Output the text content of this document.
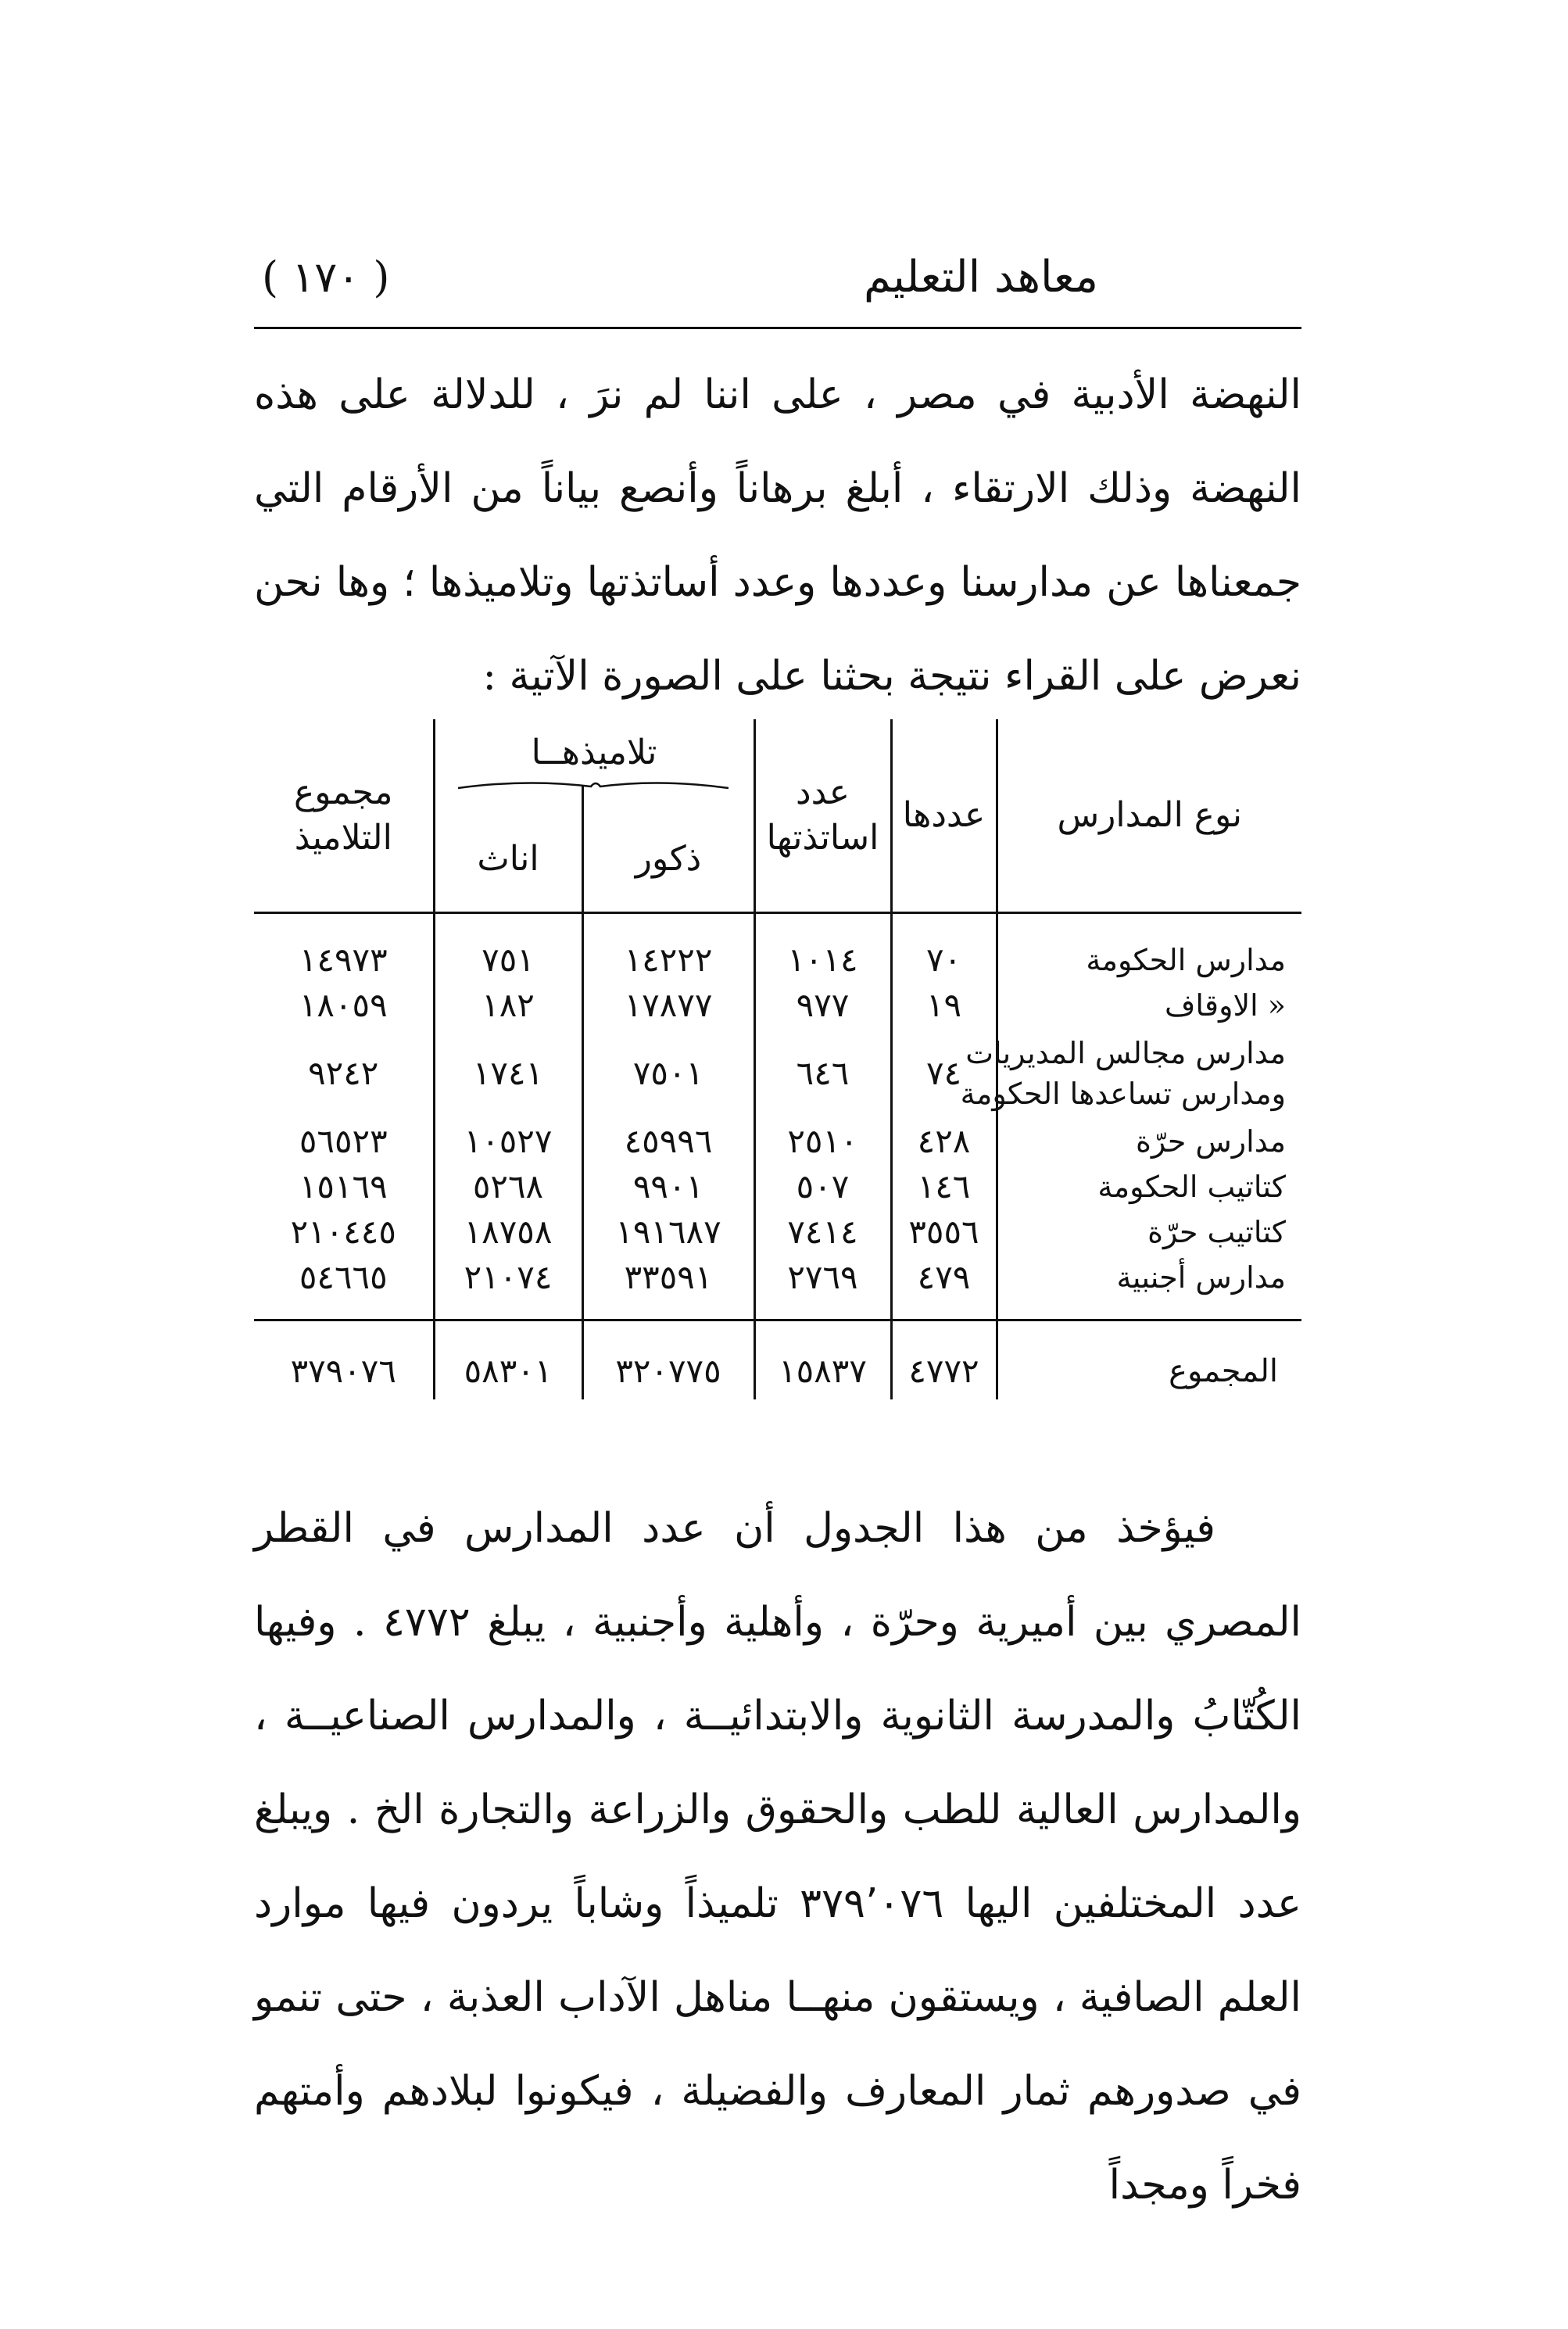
معاهد التعليم
( ١٧٠ )

النهضة الأدبية في مصر ، على اننا لم نرَ ، للدلالة على هذه النهضة وذلك الارتقاء ، أبلغ برهاناً وأنصع بياناً من الأرقام التي جمعناها عن مدارسنا وعددها وعدد أساتذتها وتلاميذها ؛ وها نحن نعرض على القراء نتيجة بحثنا على الصورة الآتية :

نوع المدارس	عددها	عدد
اساتذتها	تلاميذهــا		مجموع
التلاميذ
			ذكور	اناث	

مدارس الحكومة	٧٠	١٠١٤	١٤٢٢٢	٧٥١	١٤٩٧٣

« الاوقاف	١٩	٩٧٧	١٧٨٧٧	١٨٢	١٨٠٥٩

مدارس مجالس المديريات
ومدارس تساعدها الحكومة	٧٤	٦٤٦	٧٥٠١	١٧٤١	٩٢٤٢

مدارس حرّة	٤٢٨	٢٥١٠	٤٥٩٩٦	١٠٥٢٧	٥٦٥٢٣

كتاتيب الحكومة	١٤٦	٥٠٧	٩٩٠١	٥٢٦٨	١٥١٦٩

كتاتيب حرّة	٣٥٥٦	٧٤١٤	١٩١٦٨٧	١٨٧٥٨	٢١٠٤٤٥

مدارس أجنبية	٤٧٩	٢٧٦٩	٣٣٥٩١	٢١٠٧٤	٥٤٦٦٥
المجموع	٤٧٧٢	١٥٨٣٧	٣٢٠٧٧٥	٥٨٣٠١	٣٧٩٠٧٦

فيؤخذ من هذا الجدول أن عدد المدارس في القطر المصري بين أميرية وحرّة ، وأهلية وأجنبية ، يبلغ ٤٧٧٢ . وفيها الكُتّابُ والمدرسة الثانوية والابتدائيــة ، والمدارس الصناعيــة ، والمدارس العالية للطب والحقوق والزراعة والتجارة الخ . ويبلغ عدد المختلفين اليها ٣٧٩٬٠٧٦ تلميذاً وشاباً يردون فيها موارد العلم الصافية ، ويستقون منهــا مناهل الآداب العذبة ، حتى تنمو في صدورهم ثمار المعارف والفضيلة ، فيكونوا لبلادهم وأمتهم فخراً ومجداً
